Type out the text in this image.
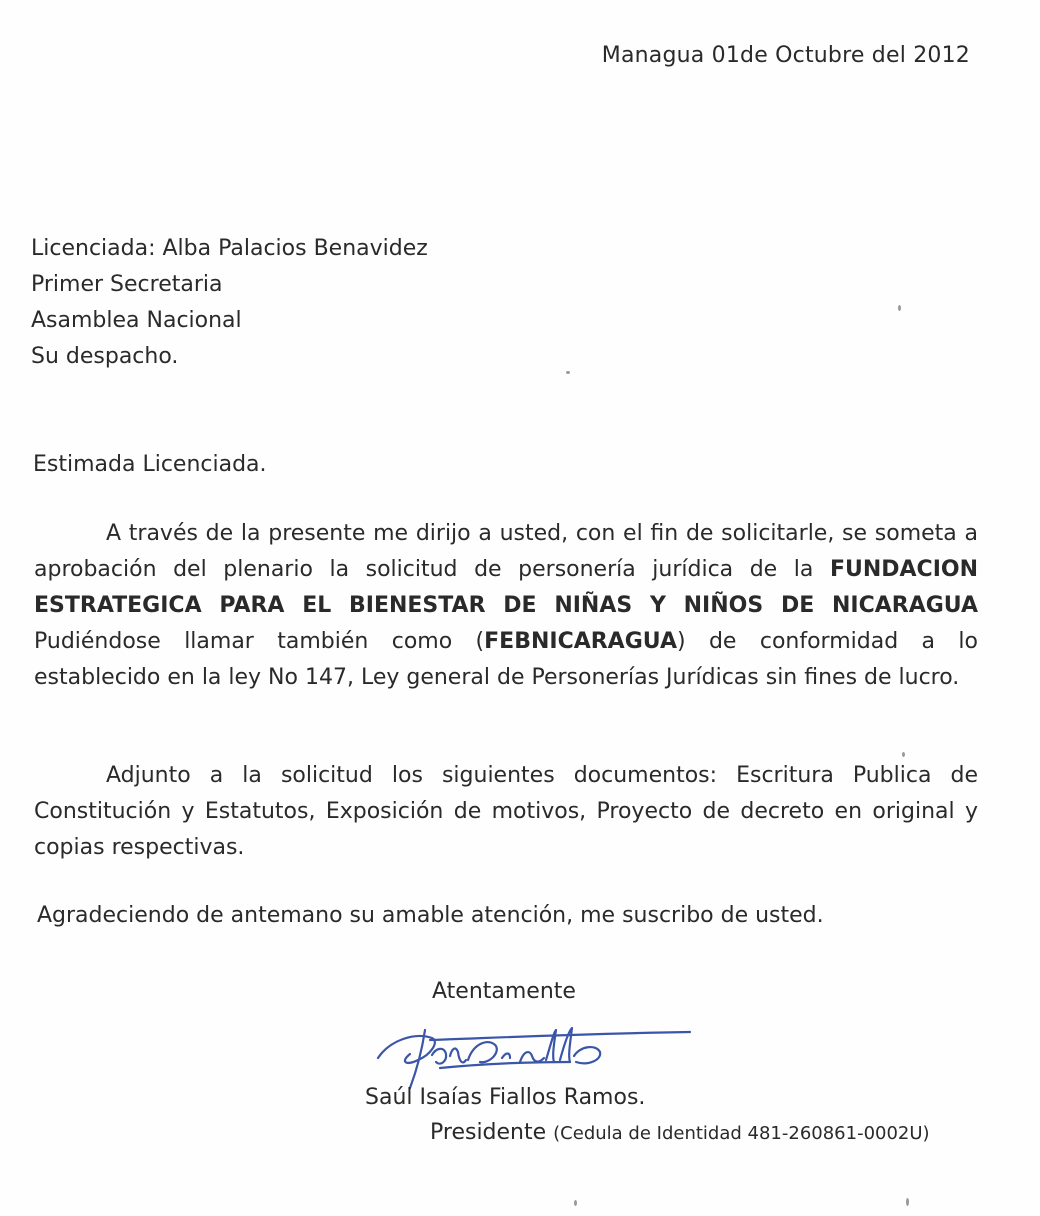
Managua 01de Octubre del 2012
Licenciada: Alba Palacios Benavidez
Primer Secretaria
Asamblea Nacional
Su despacho.
Estimada Licenciada.
A través de la presente me dirijo a usted, con el fin de solicitarle, se someta a aprobación del plenario la solicitud de personería jurídica de la FUNDACION ESTRATEGICA PARA EL BIENESTAR DE NIÑAS Y NIÑOS DE NICARAGUA Pudiéndose llamar también como (FEBNICARAGUA) de conformidad a lo establecido en la ley No 147, Ley general de Personerías Jurídicas sin fines de lucro.
Adjunto a la solicitud los siguientes documentos: Escritura Publica de Constitución y Estatutos, Exposición de motivos, Proyecto de decreto en original y copias respectivas.
Agradeciendo de antemano su amable atención, me suscribo de usted.
Atentamente
Saúl Isaías Fiallos Ramos.
Presidente (Cedula de Identidad 481-260861-0002U)
